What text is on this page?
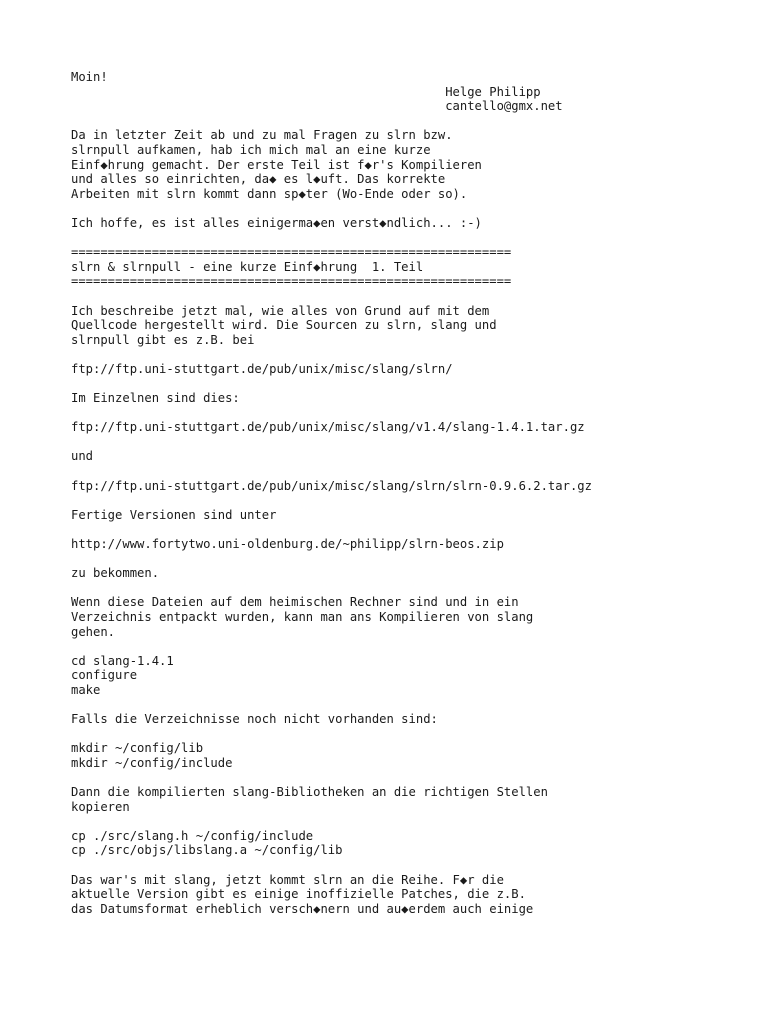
Moin!
Helge Philipp
cantello@gmx.net
Da in letzter Zeit ab und zu mal Fragen zu slrn bzw.
slrnpull aufkamen, hab ich mich mal an eine kurze
Einf◆hrung gemacht. Der erste Teil ist f◆r's Kompilieren
und alles so einrichten, da◆ es l◆uft. Das korrekte
Arbeiten mit slrn kommt dann sp◆ter (Wo-Ende oder so).
Ich hoffe, es ist alles einigerma◆en verst◆ndlich... :-)
============================================================
slrn & slrnpull - eine kurze Einf◆hrung  1. Teil
============================================================
Ich beschreibe jetzt mal, wie alles von Grund auf mit dem
Quellcode hergestellt wird. Die Sourcen zu slrn, slang und
slrnpull gibt es z.B. bei
ftp://ftp.uni-stuttgart.de/pub/unix/misc/slang/slrn/
Im Einzelnen sind dies:
ftp://ftp.uni-stuttgart.de/pub/unix/misc/slang/v1.4/slang-1.4.1.tar.gz
und
ftp://ftp.uni-stuttgart.de/pub/unix/misc/slang/slrn/slrn-0.9.6.2.tar.gz
Fertige Versionen sind unter
http://www.fortytwo.uni-oldenburg.de/~philipp/slrn-beos.zip
zu bekommen.
Wenn diese Dateien auf dem heimischen Rechner sind und in ein
Verzeichnis entpackt wurden, kann man ans Kompilieren von slang
gehen.
cd slang-1.4.1
configure
make
Falls die Verzeichnisse noch nicht vorhanden sind:
mkdir ~/config/lib
mkdir ~/config/include
Dann die kompilierten slang-Bibliotheken an die richtigen Stellen
kopieren
cp ./src/slang.h ~/config/include
cp ./src/objs/libslang.a ~/config/lib
Das war's mit slang, jetzt kommt slrn an die Reihe. F◆r die
aktuelle Version gibt es einige inoffizielle Patches, die z.B.
das Datumsformat erheblich versch◆nern und au◆erdem auch einige
